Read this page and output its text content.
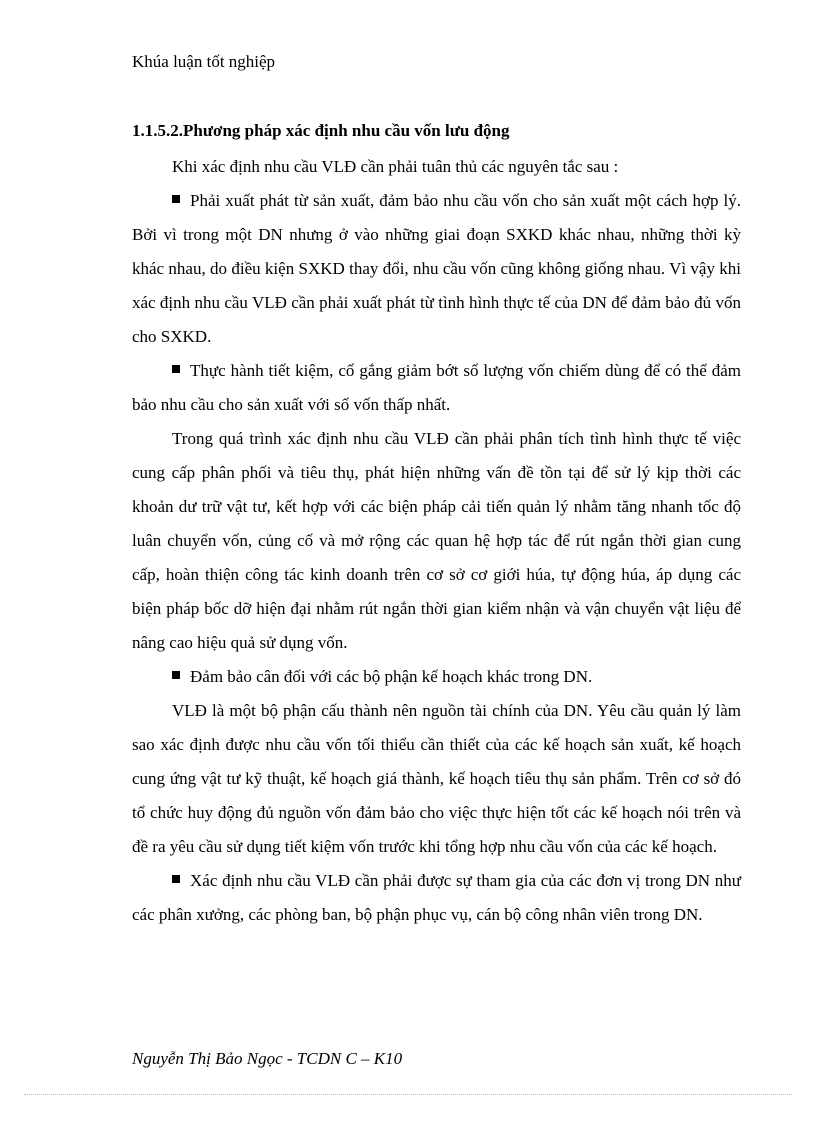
Khúa luận tốt nghiệp
1.1.5.2.Phương pháp xác định nhu cầu vốn lưu động

Khi xác định nhu cầu VLĐ cần phải tuân thủ các nguyên tắc sau :

Phải xuất phát từ sản xuất, đảm bảo nhu cầu vốn cho sản xuất một cách hợp lý. Bởi vì trong một DN nhưng ở vào những giai đoạn SXKD khác nhau, những thời kỳ khác nhau, do điều kiện SXKD thay đổi, nhu cầu vốn cũng không giống nhau. Vì vậy khi xác định nhu cầu VLĐ cần phải xuất phát từ tình hình thực tế của DN để đảm bảo đủ vốn cho SXKD.

Thực hành tiết kiệm, cố gắng giảm bớt số lượng vốn chiếm dùng để có thể đảm bảo nhu cầu cho sản xuất với số vốn thấp nhất.

Trong quá trình xác định nhu cầu VLĐ cần phải phân tích tình hình thực tế việc cung cấp phân phối và tiêu thụ, phát hiện những vấn đề tồn tại để sử lý kịp thời các khoản dư trữ vật tư, kết hợp với các biện pháp cải tiến quản lý nhằm tăng nhanh tốc độ luân chuyển vốn, củng cố và mở rộng các quan hệ hợp tác để rút ngắn thời gian cung cấp, hoàn thiện công tác kinh doanh trên cơ sở cơ giới húa, tự động húa, áp dụng các biện pháp bốc dỡ hiện đại nhằm rút ngắn thời gian kiểm nhận và vận chuyển vật liệu để nâng cao hiệu quả sử dụng vốn.

Đảm bảo cân đối với các bộ phận kế hoạch khác trong DN.

VLĐ là một bộ phận cấu thành nên nguồn tài chính của DN. Yêu cầu quản lý làm sao xác định được nhu cầu vốn tối thiểu cần thiết của các kế hoạch sản xuất, kế hoạch cung ứng vật tư kỹ thuật, kế hoạch giá thành, kế hoạch tiêu thụ sản phẩm. Trên cơ sở đó tổ chức huy động đủ nguồn vốn đảm bảo cho việc thực hiện tốt các kế hoạch nói trên và đề ra yêu cầu sử dụng tiết kiệm vốn trước khi tổng hợp nhu cầu vốn của các kế hoạch.

Xác định nhu cầu VLĐ cần phải được sự tham gia của các đơn vị trong DN như các phân xưởng, các phòng ban, bộ phận phục vụ, cán bộ công nhân viên trong DN.

Nguyễn Thị Bảo Ngọc - TCDN C – K10
